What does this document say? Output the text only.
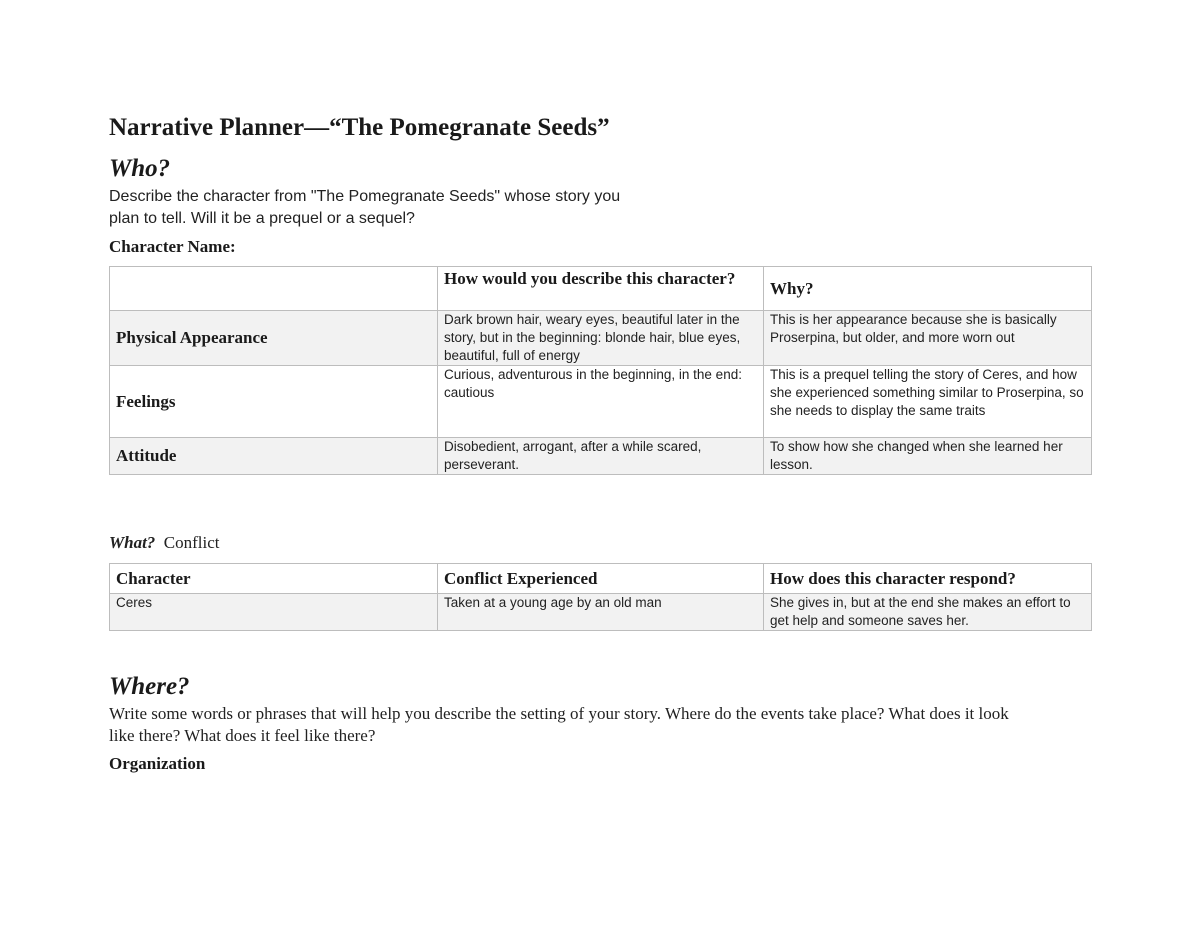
Narrative Planner—“The Pomegranate Seeds”
Who?
Describe the character from "The Pomegranate Seeds" whose story you
plan to tell. Will it be a prequel or a sequel?
Character Name:
	How would you describe this character?	Why?
Physical Appearance	Dark brown hair, weary eyes, beautiful later in the story, but in the beginning: blonde hair, blue eyes, beautiful, full of energy	This is her appearance because she is basically Proserpina, but older, and more worn out
Feelings	Curious, adventurous in the beginning, in the end: cautious	This is a prequel telling the story of Ceres, and how she experienced something similar to Proserpina, so she needs to display the same traits
Attitude	Disobedient, arrogant, after a while scared, perseverant.	To show how she changed when she learned her lesson.
What? Conflict
Character	Conflict Experienced	How does this character respond?
Ceres	Taken at a young age by an old man	She gives in, but at the end she makes an effort to get help and someone saves her.
Where?
Write some words or phrases that will help you describe the setting of your story. Where do the events take place? What does it look
like there? What does it feel like there?
Organization
